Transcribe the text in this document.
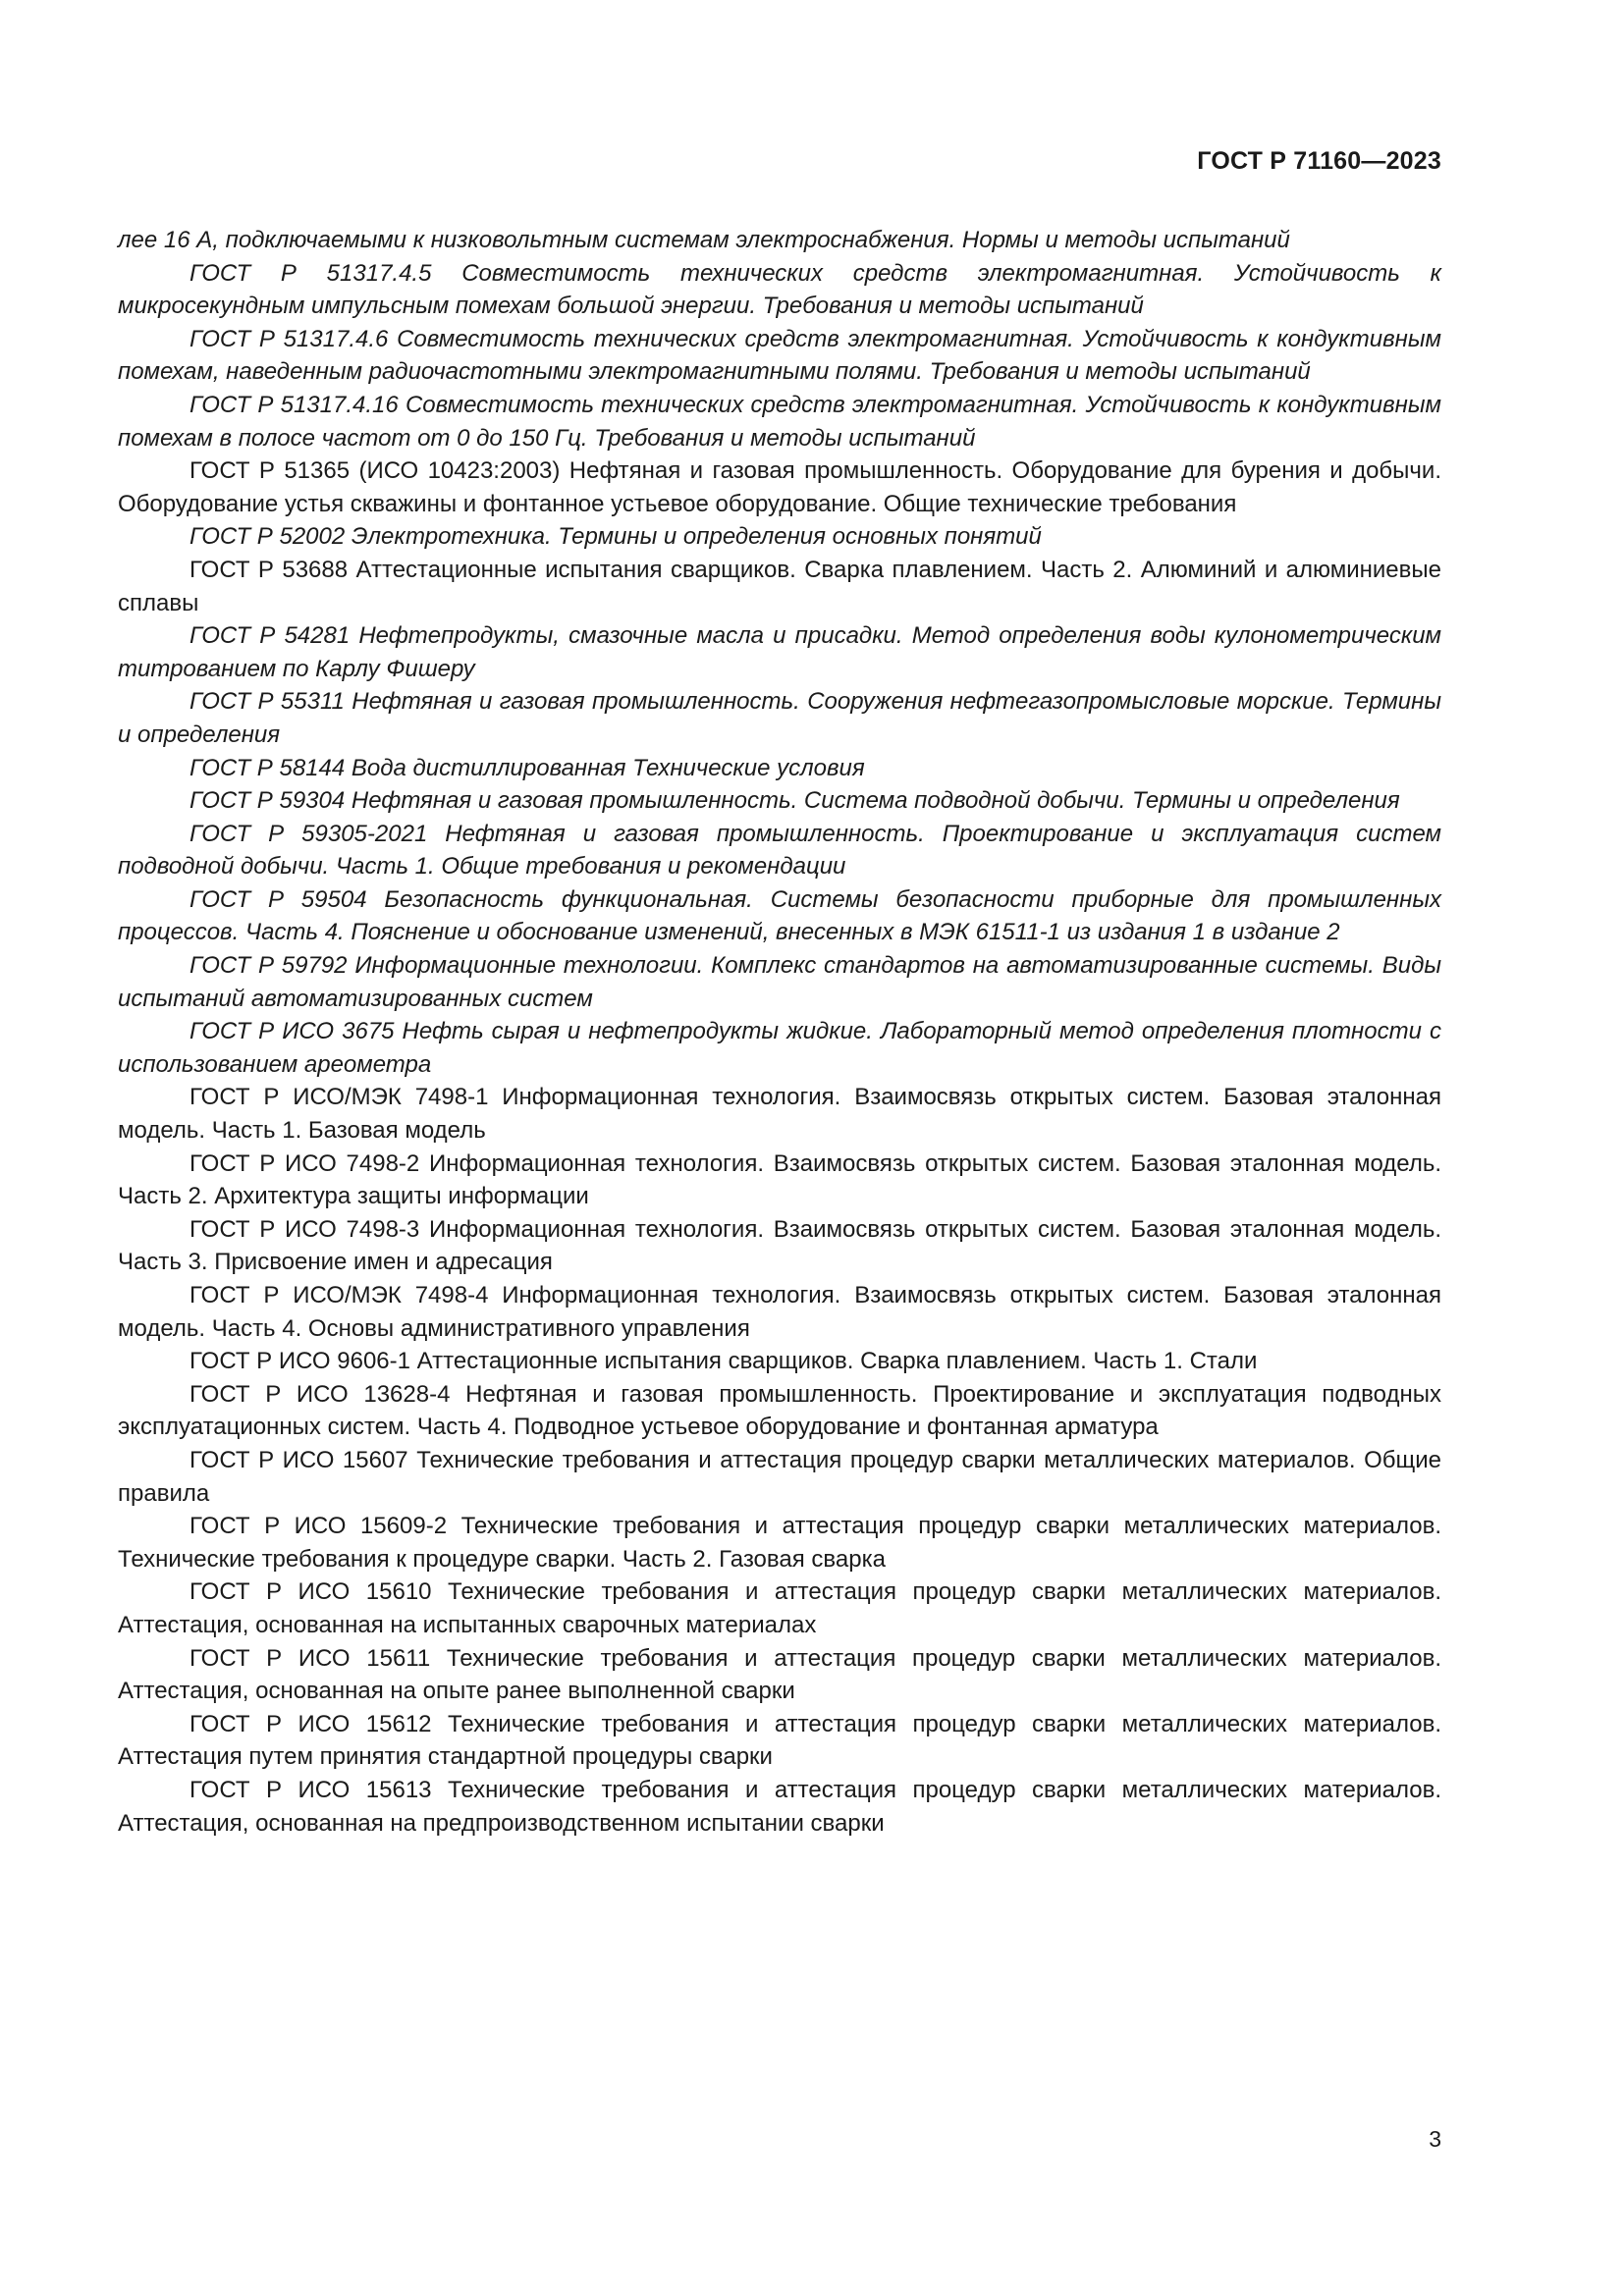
ГОСТ Р 71160—2023

лее 16 А, подключаемыми к низковольтным системам электроснабжения. Нормы и методы испытаний

ГОСТ Р 51317.4.5 Совместимость технических средств электромагнитная. Устойчивость к микросекундным импульсным помехам большой энергии. Требования и методы испытаний

ГОСТ Р 51317.4.6 Совместимость технических средств электромагнитная. Устойчивость к кондуктивным помехам, наведенным радиочастотными электромагнитными полями. Требования и методы испытаний

ГОСТ Р 51317.4.16 Совместимость технических средств электромагнитная. Устойчивость к кондуктивным помехам в полосе частот от 0 до 150 Гц. Требования и методы испытаний

ГОСТ Р 51365 (ИСО 10423:2003) Нефтяная и газовая промышленность. Оборудование для бурения и добычи. Оборудование устья скважины и фонтанное устьевое оборудование. Общие технические требования

ГОСТ Р 52002 Электротехника. Термины и определения основных понятий

ГОСТ Р 53688 Аттестационные испытания сварщиков. Сварка плавлением. Часть 2. Алюминий и алюминиевые сплавы

ГОСТ Р 54281 Нефтепродукты, смазочные масла и присадки. Метод определения воды кулонометрическим титрованием по Карлу Фишеру

ГОСТ Р 55311 Нефтяная и газовая промышленность. Сооружения нефтегазопромысловые морские. Термины и определения

ГОСТ Р 58144 Вода дистиллированная Технические условия

ГОСТ Р 59304 Нефтяная и газовая промышленность. Система подводной добычи. Термины и определения

ГОСТ Р 59305-2021 Нефтяная и газовая промышленность. Проектирование и эксплуатация систем подводной добычи. Часть 1. Общие требования и рекомендации

ГОСТ Р 59504 Безопасность функциональная. Системы безопасности приборные для промышленных процессов. Часть 4. Пояснение и обоснование изменений, внесенных в МЭК 61511-1 из издания 1 в издание 2

ГОСТ Р 59792 Информационные технологии. Комплекс стандартов на автоматизированные системы. Виды испытаний автоматизированных систем

ГОСТ Р ИСО 3675 Нефть сырая и нефтепродукты жидкие. Лабораторный метод определения плотности с использованием ареометра

ГОСТ Р ИСО/МЭК 7498-1 Информационная технология. Взаимосвязь открытых систем. Базовая эталонная модель. Часть 1. Базовая модель

ГОСТ Р ИСО 7498-2 Информационная технология. Взаимосвязь открытых систем. Базовая эталонная модель. Часть 2. Архитектура защиты информации

ГОСТ Р ИСО 7498-3 Информационная технология. Взаимосвязь открытых систем. Базовая эталонная модель. Часть 3. Присвоение имен и адресация

ГОСТ Р ИСО/МЭК 7498-4 Информационная технология. Взаимосвязь открытых систем. Базовая эталонная модель. Часть 4. Основы административного управления

ГОСТ Р ИСО 9606-1 Аттестационные испытания сварщиков. Сварка плавлением. Часть 1. Стали

ГОСТ Р ИСО 13628-4 Нефтяная и газовая промышленность. Проектирование и эксплуатация подводных эксплуатационных систем. Часть 4. Подводное устьевое оборудование и фонтанная арматура

ГОСТ Р ИСО 15607 Технические требования и аттестация процедур сварки металлических материалов. Общие правила

ГОСТ Р ИСО 15609-2 Технические требования и аттестация процедур сварки металлических материалов. Технические требования к процедуре сварки. Часть 2. Газовая сварка

ГОСТ Р ИСО 15610 Технические требования и аттестация процедур сварки металлических материалов. Аттестация, основанная на испытанных сварочных материалах

ГОСТ Р ИСО 15611 Технические требования и аттестация процедур сварки металлических материалов. Аттестация, основанная на опыте ранее выполненной сварки

ГОСТ Р ИСО 15612 Технические требования и аттестация процедур сварки металлических материалов. Аттестация путем принятия стандартной процедуры сварки

ГОСТ Р ИСО 15613 Технические требования и аттестация процедур сварки металлических материалов. Аттестация, основанная на предпроизводственном испытании сварки

3
